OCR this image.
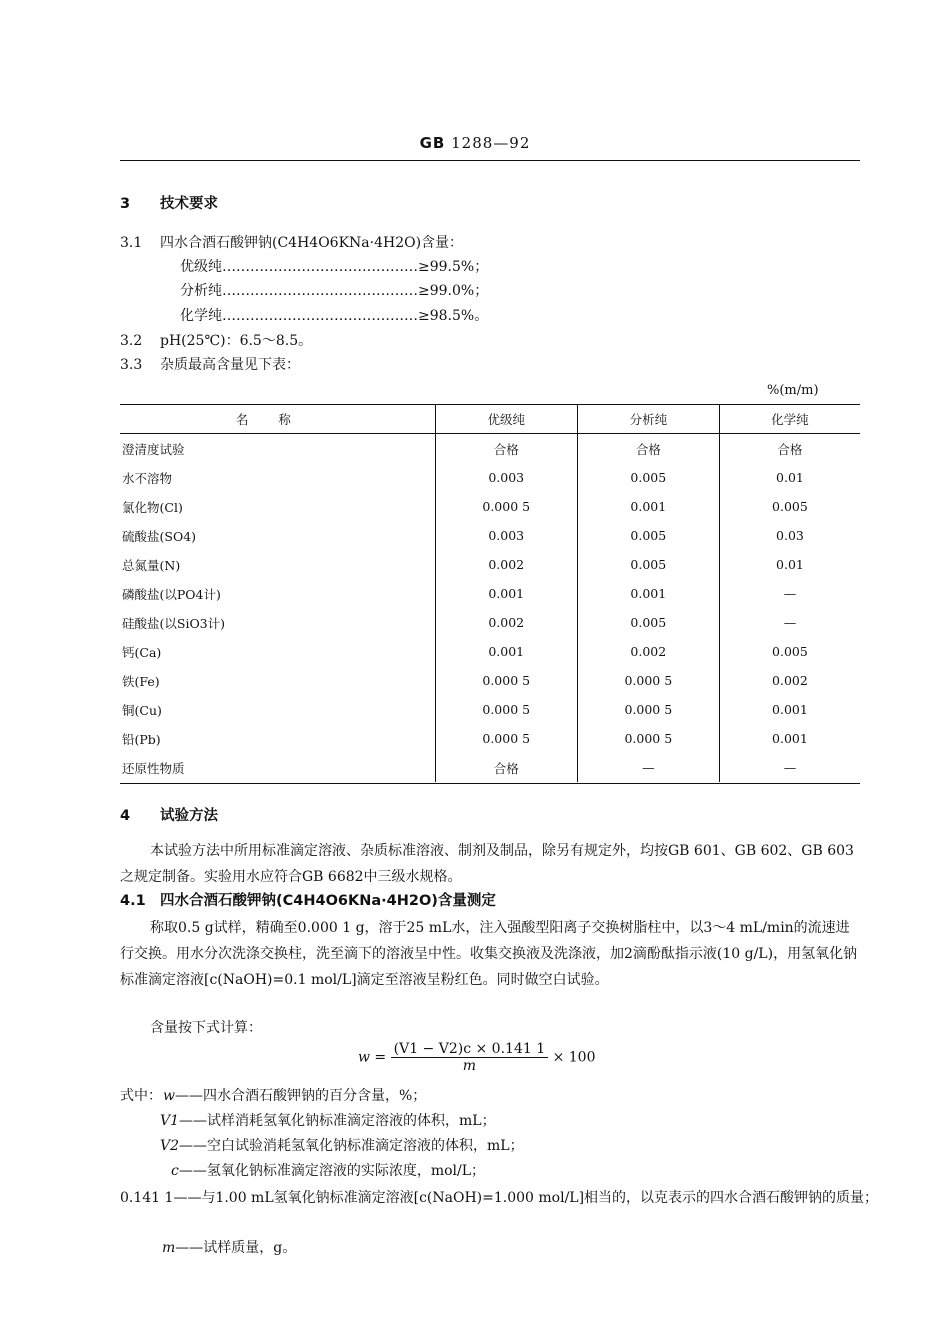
GB 1288—92
3 技术要求
3.1 四水合酒石酸钾钠(C4H4O6KNa·4H2O)含量：
优级纯……………………………………≥99.5%；
分析纯……………………………………≥99.0%；
化学纯……………………………………≥98.5%。
3.2 pH(25℃)：6.5～8.5。
3.3 杂质最高含量见下表：
%(m/m)
名称	优级纯	分析纯	化学纯
澄清度试验	合格	合格	合格
水不溶物	0.003	0.005	0.01
氯化物(Cl)	0.000 5	0.001	0.005
硫酸盐(SO4)	0.003	0.005	0.03
总氮量(N)	0.002	0.005	0.01
磷酸盐(以PO4计)	0.001	0.001	—
硅酸盐(以SiO3计)	0.002	0.005	—
钙(Ca)	0.001	0.002	0.005
铁(Fe)	0.000 5	0.000 5	0.002
铜(Cu)	0.000 5	0.000 5	0.001
铅(Pb)	0.000 5	0.000 5	0.001
还原性物质	合格	—	—
4 试验方法
本试验方法中所用标准滴定溶液、杂质标准溶液、制剂及制品，除另有规定外，均按GB 601、GB 602、GB 603之规定制备。实验用水应符合GB 6682中三级水规格。
4.1 四水合酒石酸钾钠(C4H4O6KNa·4H2O)含量测定
称取0.5 g试样，精确至0.000 1 g，溶于25 mL水，注入强酸型阳离子交换树脂柱中，以3～4 mL/min的流速进行交换。用水分次洗涤交换柱，洗至滴下的溶液呈中性。收集交换液及洗涤液，加2滴酚酞指示液(10 g/L)，用氢氧化钠标准滴定溶液[c(NaOH)=0.1 mol/L]滴定至溶液呈粉红色。同时做空白试验。
含量按下式计算：
$w = \frac{(V1 - V2)c \times 0.141 1}{m} \times 100$
式中： w——四水合酒石酸钾钠的百分含量，%；
V1——试样消耗氢氧化钠标准滴定溶液的体积，mL；
V2——空白试验消耗氢氧化钠标准滴定溶液的体积，mL；
c——氢氧化钠标准滴定溶液的实际浓度，mol/L；
0.141 1——与1.00 mL氢氧化钠标准滴定溶液[c(NaOH)=1.000 mol/L]相当的，以克表示的四水合酒石酸钾钠的质量；
m——试样质量，g。
